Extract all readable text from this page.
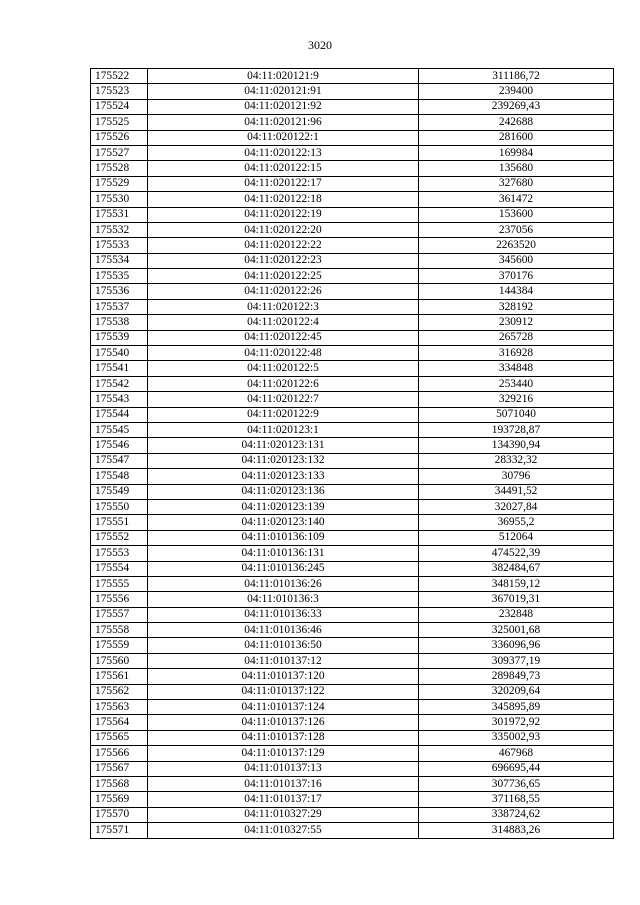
3020
175522	04:11:020121:9	311186,72
175523	04:11:020121:91	239400
175524	04:11:020121:92	239269,43
175525	04:11:020121:96	242688
175526	04:11:020122:1	281600
175527	04:11:020122:13	169984
175528	04:11:020122:15	135680
175529	04:11:020122:17	327680
175530	04:11:020122:18	361472
175531	04:11:020122:19	153600
175532	04:11:020122:20	237056
175533	04:11:020122:22	2263520
175534	04:11:020122:23	345600
175535	04:11:020122:25	370176
175536	04:11:020122:26	144384
175537	04:11:020122:3	328192
175538	04:11:020122:4	230912
175539	04:11:020122:45	265728
175540	04:11:020122:48	316928
175541	04:11:020122:5	334848
175542	04:11:020122:6	253440
175543	04:11:020122:7	329216
175544	04:11:020122:9	5071040
175545	04:11:020123:1	193728,87
175546	04:11:020123:131	134390,94
175547	04:11:020123:132	28332,32
175548	04:11:020123:133	30796
175549	04:11:020123:136	34491,52
175550	04:11:020123:139	32027,84
175551	04:11:020123:140	36955,2
175552	04:11:010136:109	512064
175553	04:11:010136:131	474522,39
175554	04:11:010136:245	382484,67
175555	04:11:010136:26	348159,12
175556	04:11:010136:3	367019,31
175557	04:11:010136:33	232848
175558	04:11:010136:46	325001,68
175559	04:11:010136:50	336096,96
175560	04:11:010137:12	309377,19
175561	04:11:010137:120	289849,73
175562	04:11:010137:122	320209,64
175563	04:11:010137:124	345895,89
175564	04:11:010137:126	301972,92
175565	04:11:010137:128	335002,93
175566	04:11:010137:129	467968
175567	04:11:010137:13	696695,44
175568	04:11:010137:16	307736,65
175569	04:11:010137:17	371168,55
175570	04:11:010327:29	338724,62
175571	04:11:010327:55	314883,26
